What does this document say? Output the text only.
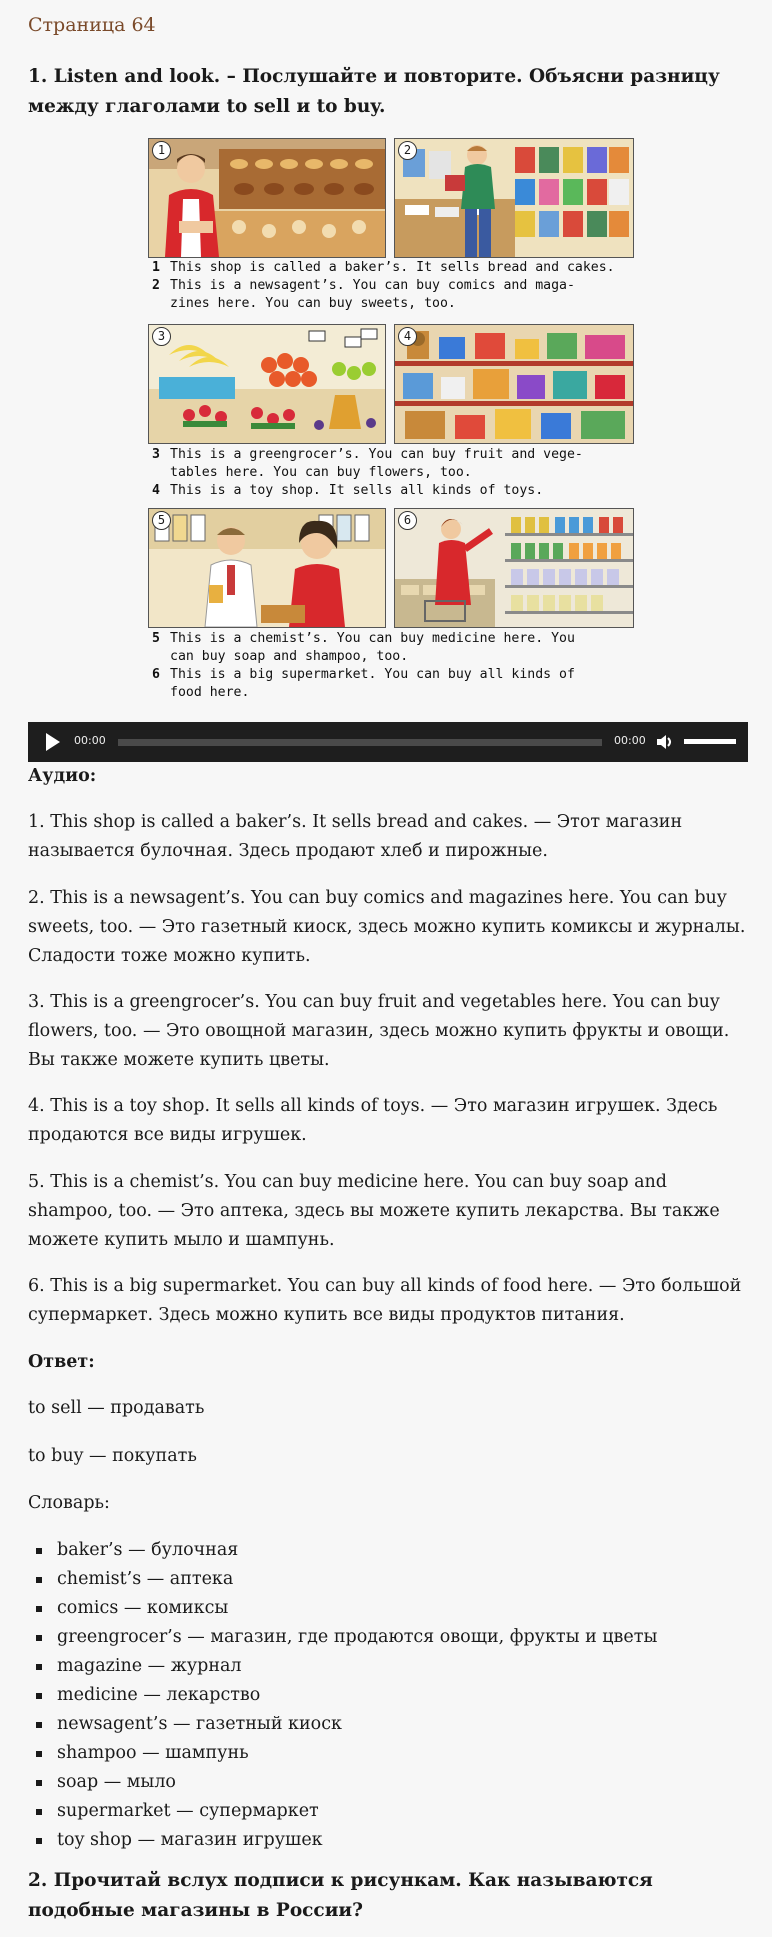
Страница 64
1. Listen and look. – Послушайте и повторите. Объясни разницу между глаголами to sell и to buy.
1	2
1 This shop is called a baker’s. It sells bread and cakes.
2 This is a newsagent’s. You can buy comics and maga-
zines here. You can buy sweets, too.
3	4
3 This is a greengrocer’s. You can buy fruit and vege-
tables here. You can buy flowers, too.
4 This is a toy shop. It sells all kinds of toys.
5	6
5 This is a chemist’s. You can buy medicine here. You
can buy soap and shampoo, too.
6 This is a big supermarket. You can buy all kinds of
food here.
00:00	00:00
Аудио:
1. This shop is called a baker’s. It sells bread and cakes. — Этот магазин называется булочная. Здесь продают хлеб и пирожные.
2. This is a newsagent’s. You can buy comics and magazines here. You can buy sweets, too. — Это газетный киоск, здесь можно купить комиксы и журналы. Сладости тоже можно купить.
3. This is a greengrocer’s. You can buy fruit and vegetables here. You can buy flowers, too. — Это овощной магазин, здесь можно купить фрукты и овощи. Вы также можете купить цветы.
4. This is a toy shop. It sells all kinds of toys. — Это магазин игрушек. Здесь продаются все виды игрушек.
5. This is a chemist’s. You can buy medicine here. You can buy soap and shampoo, too. — Это аптека, здесь вы можете купить лекарства. Вы также можете купить мыло и шампунь.
6. This is a big supermarket. You can buy all kinds of food here. — Это большой супермаркет. Здесь можно купить все виды продуктов питания.
Ответ:
to sell — продавать
to buy — покупать
Словарь:
baker’s — булочная
chemist’s — аптека
comics — комиксы
greengrocer’s — магазин, где продаются овощи, фрукты и цветы
magazine — журнал
medicine — лекарство
newsagent’s — газетный киоск
shampoo — шампунь
soap — мыло
supermarket — супермаркет
toy shop — магазин игрушек
2. Прочитай вслух подписи к рисункам. Как называются подобные магазины в России?
